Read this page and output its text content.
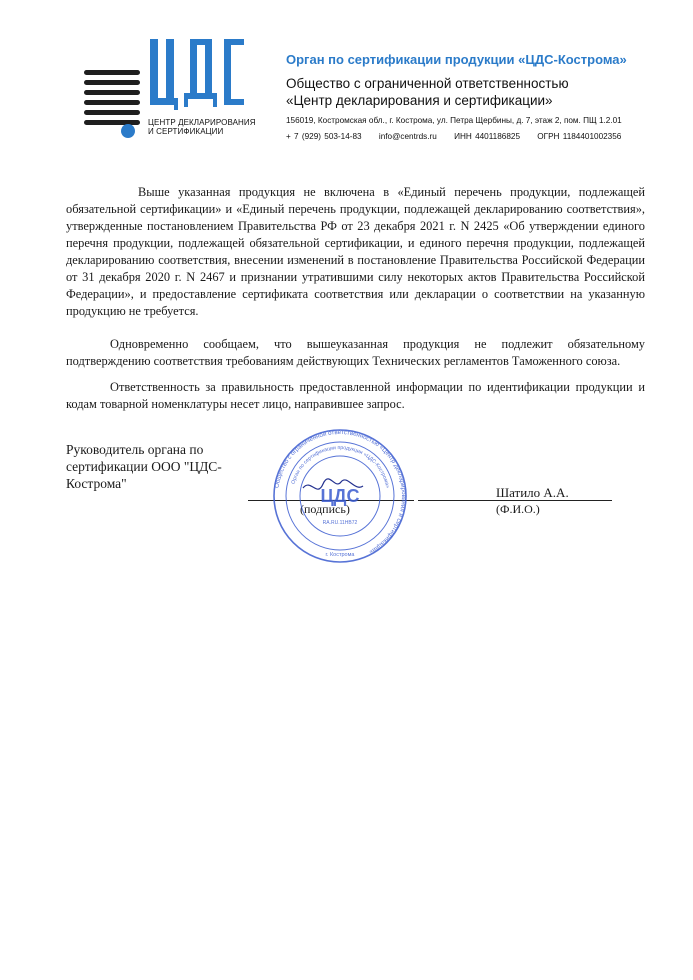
ЦЕНТР ДЕКЛАРИРОВАНИЯ
И СЕРТИФИКАЦИИ
Орган по сертификации продукции «ЦДС-Кострома»
Общество с ограниченной ответственностью
«Центр декларирования и сертификации»
156019, Костромская обл., г. Кострома, ул. Петра Щербины, д. 7, этаж 2, пом. ПЩ 1.2.01
+ 7 (929) 503-14-83 info@centrds.ru ИНН 4401186825 ОГРН 1184401002356
Выше указанная продукция не включена в «Единый перечень продукции, подлежащей обязательной сертификации» и «Единый перечень продукции, подлежащей декларированию соответствия», утвержденные постановлением Правительства РФ от 23 декабря 2021 г. N 2425 «Об утверждении единого перечня продукции, подлежащей обязательной сертификации, и единого перечня продукции, подлежащей декларированию соответствия, внесении изменений в постановление Правительства Российской Федерации от 31 декабря 2020 г. N 2467 и признании утратившими силу некоторых актов Правительства Российской Федерации», и предоставление сертификата соответствия или декларации о соответствии на указанную продукцию не требуется.
Одновременно сообщаем, что вышеуказанная продукция не подлежит обязательному подтверждению соответствия требованиям действующих Технических регламентов Таможенного союза.
Ответственность за правильность предоставленной информации по идентификации продукции и кодам товарной номенклатуры несет лицо, направившее запрос.
Руководитель органа по сертификации ООО "ЦДС-Кострома"
(подпись)
Шатило А.А.
(Ф.И.О.)
Общество с ограниченной ответственностью «Центр декларирования и сертификации»
Орган по сертификации продукции «ЦДС-Кострома»
ЦДС
RA.RU.11HB72
г. Кострома
